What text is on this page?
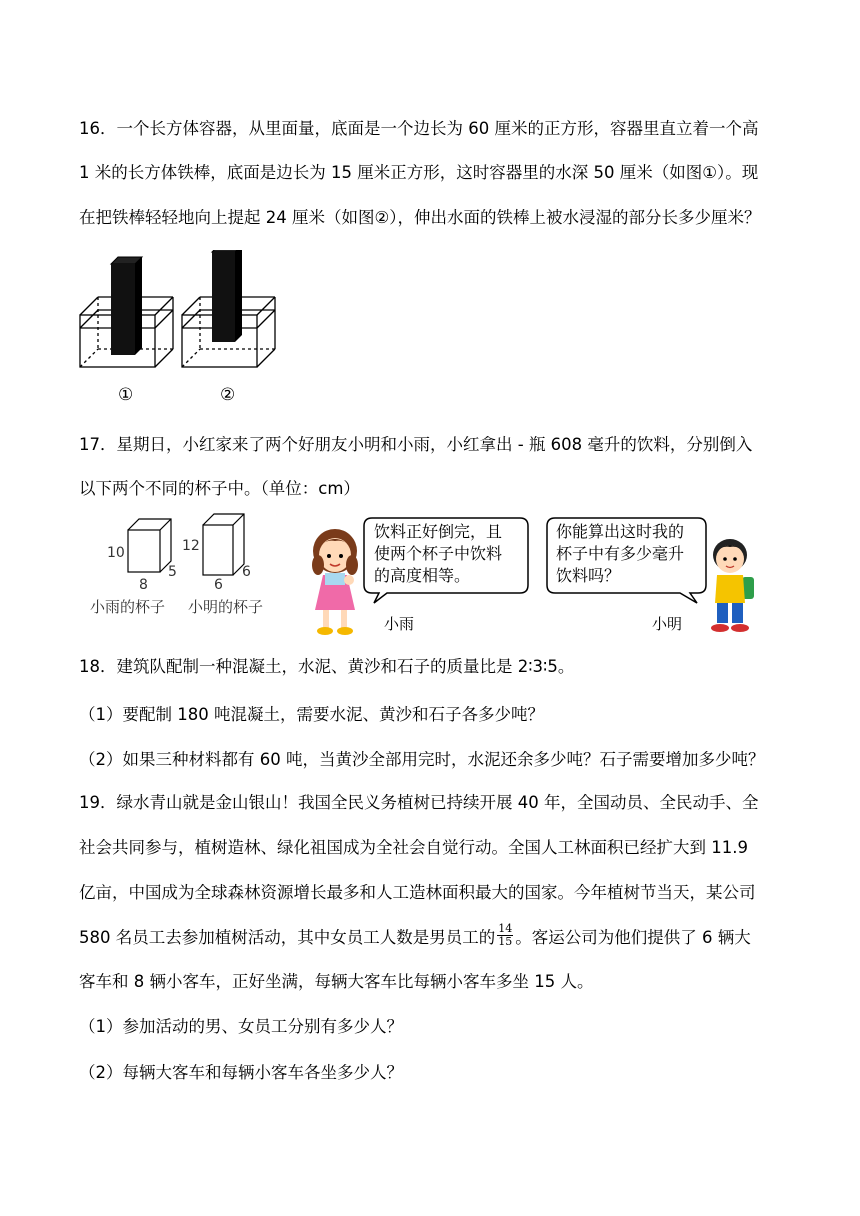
16．一个长方体容器，从里面量，底面是一个边长为 60 厘米的正方形，容器里直立着一个高
1 米的长方体铁棒，底面是边长为 15 厘米正方形，这时容器里的水深 50 厘米（如图①）。现
在把铁棒轻轻地向上提起 24 厘米（如图②），伸出水面的铁棒上被水浸湿的部分长多少厘米？
①	②
17．星期日，小红家来了两个好朋友小明和小雨，小红拿出 - 瓶 608 毫升的饮料，分别倒入
以下两个不同的杯子中。（单位：cm）
10
5
8
12
6
6
小雨的杯子 小明的杯子
饮料正好倒完，且
使两个杯子中饮料
的高度相等。
小雨
你能算出这时我的
杯子中有多少毫升
饮料吗？
小明
18．建筑队配制一种混凝土，水泥、黄沙和石子的质量比是 2∶3∶5。
（1）要配制 180 吨混凝土，需要水泥、黄沙和石子各多少吨？
（2）如果三种材料都有 60 吨，当黄沙全部用完时，水泥还余多少吨？石子需要增加多少吨？
19．绿水青山就是金山银山！我国全民义务植树已持续开展 40 年，全国动员、全民动手、全
社会共同参与，植树造林、绿化祖国成为全社会自觉行动。全国人工林面积已经扩大到 11.9
亿亩，中国成为全球森林资源增长最多和人工造林面积最大的国家。今年植树节当天，某公司
580 名员工去参加植树活动，其中女员工人数是男员工的 $\frac{14}{15}$ 。客运公司为他们提供了 6 辆大
客车和 8 辆小客车，正好坐满，每辆大客车比每辆小客车多坐 15 人。
（1）参加活动的男、女员工分别有多少人？
（2）每辆大客车和每辆小客车各坐多少人？
